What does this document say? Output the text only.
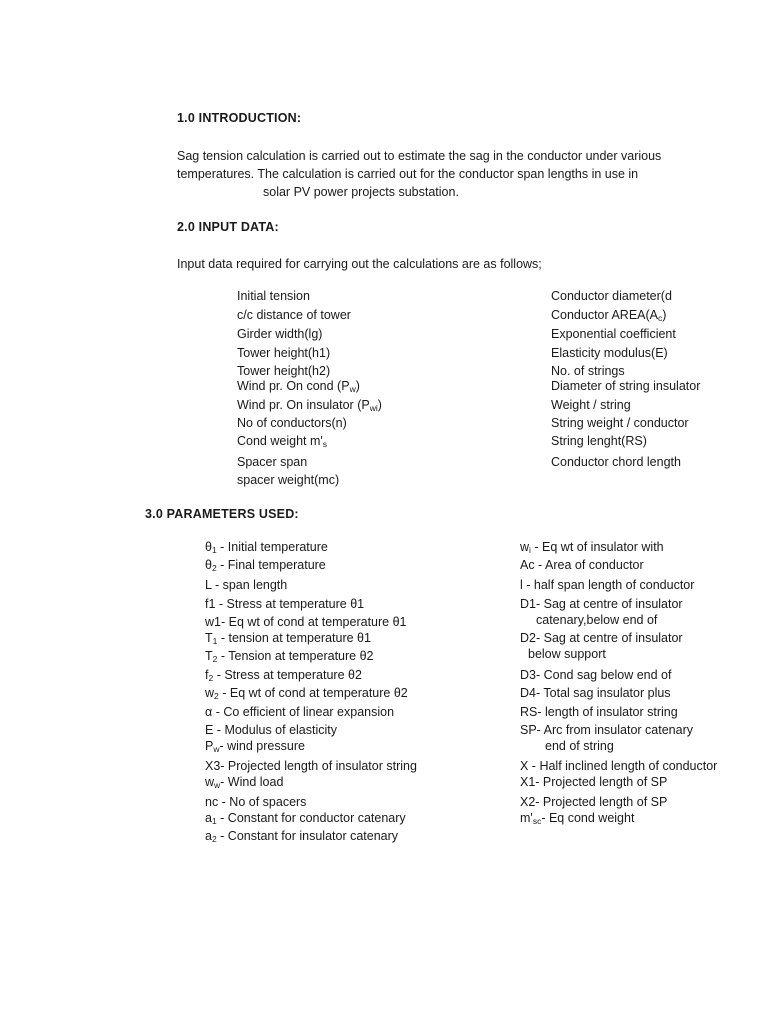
1.0 INTRODUCTION:
Sag tension calculation is carried out to estimate the sag in the conductor under various
temperatures. The calculation is carried out for the conductor span lengths in use in
solar PV power projects substation.
2.0 INPUT DATA:
Input data required for carrying out the calculations are as follows;
Initial tension
c/c distance of tower
Girder width(lg)
Tower height(h1)
Tower height(h2)
Wind pr. On cond $(P_w)$
Wind pr. On insulator $(P_{wi})$
No of conductors(n)
Cond weight $m'_s$
Spacer span
spacer weight(mc)
Conductor diameter(d
Conductor $AREA(A_c)$
Exponential coefficient
Elasticity modulus(E)
No. of strings
Diameter of string insulator
Weight / string
String weight / conductor
String lenght(RS)
Conductor chord length
3.0 PARAMETERS USED:
$\theta_1$ - Initial temperature
$\theta_2$ - Final temperature
L - span length
f1 - Stress at temperature θ1
w1- Eq wt of cond at temperature θ1
$T_1$ - tension at temperature θ1
$T_2$ - Tension at temperature θ2
$f_2$ - Stress at temperature θ2
$w_2$ - Eq wt of cond at temperature θ2
α - Co efficient of linear expansion
E - Modulus of elasticity
$P_w-$ wind pressure
X3- Projected length of insulator string
$w_w-$ Wind load
nc - No of spacers
$a_1$ - Constant for conductor catenary
$a_2$ - Constant for insulator catenary
$w_i$ - Eq wt of insulator with
Ac - Area of conductor
l - half span length of conductor
D1- Sag at centre of insulator
catenary,below end of
D2- Sag at centre of insulator
below support
D3- Cond sag below end of
D4- Total sag insulator plus
RS- length of insulator string
SP- Arc from insulator catenary
end of string
X - Half inclined length of conductor
X1- Projected length of SP
X2- Projected length of SP
$m'_{sc}-$ Eq cond weight
